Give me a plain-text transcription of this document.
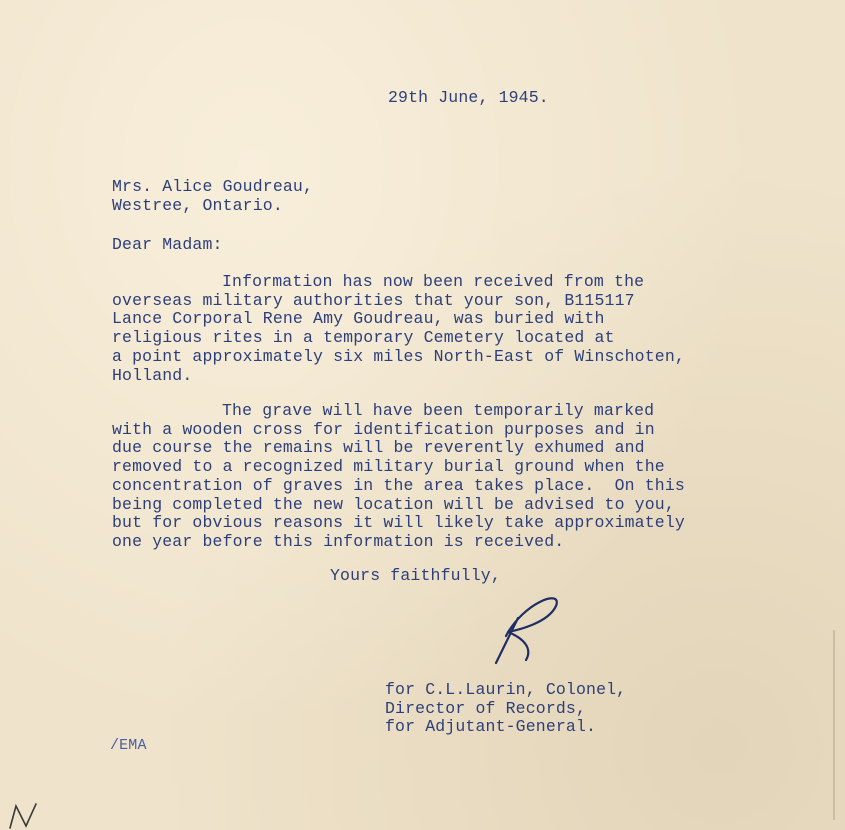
29th June, 1945.
Mrs. Alice Goudreau,
Westree, Ontario.
Dear Madam:
Information has now been received from the
overseas military authorities that your son, B115117
Lance Corporal Rene Amy Goudreau, was buried with
religious rites in a temporary Cemetery located at
a point approximately six miles North-East of Winschoten,
Holland.
The grave will have been temporarily marked
with a wooden cross for identification purposes and in
due course the remains will be reverently exhumed and
removed to a recognized military burial ground when the
concentration of graves in the area takes place.  On this
being completed the new location will be advised to you,
but for obvious reasons it will likely take approximately
one year before this information is received.
Yours faithfully,
for C.L.Laurin, Colonel,
Director of Records,
for Adjutant-General.
/EMA
